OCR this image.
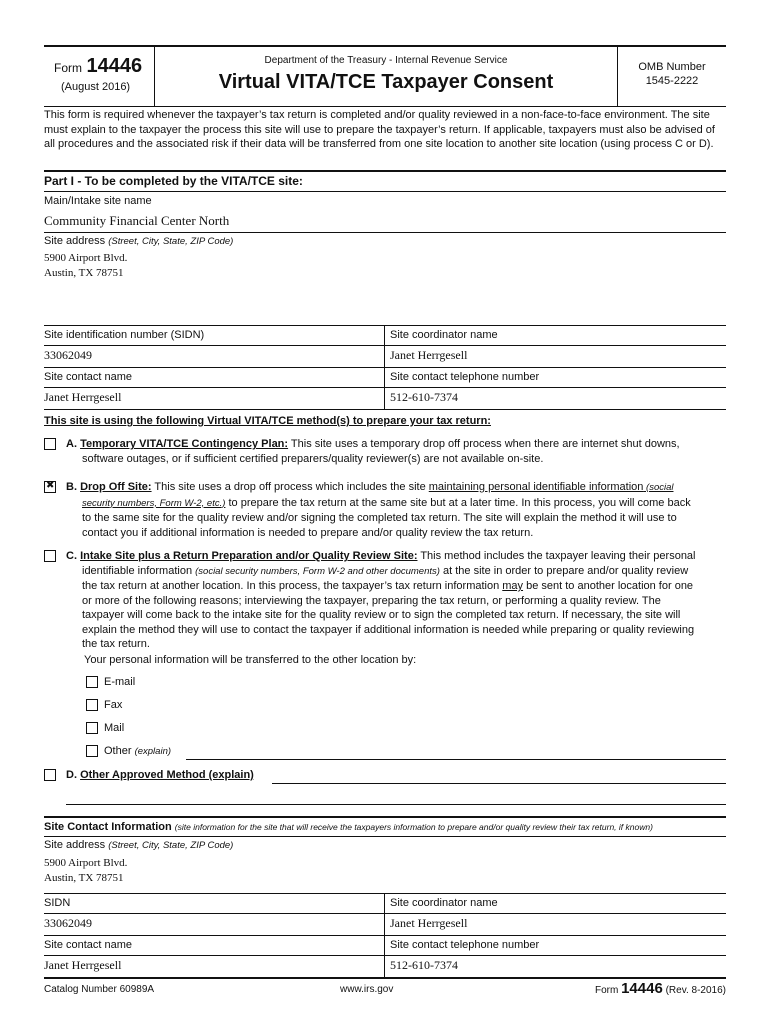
Form 14446
(August 2016)
Department of the Treasury - Internal Revenue Service
Virtual VITA/TCE Taxpayer Consent
OMB Number
1545-2222
This form is required whenever the taxpayer’s tax return is completed and/or quality reviewed in a non-face-to-face environment. The site must explain to the taxpayer the process this site will use to prepare the taxpayer’s return. If applicable, taxpayers must also be advised of all procedures and the associated risk if their data will be transferred from one site location to another site location (using process C or D).
Part I - To be completed by the VITA/TCE site:
Main/Intake site name
Community Financial Center North
Site address (Street, City, State, ZIP Code)
5900 Airport Blvd.
Austin, TX 78751
Site identification number (SIDN)	Site coordinator name
33062049	Janet Herrgesell
Site contact name	Site contact telephone number
Janet Herrgesell	512-610-7374
This site is using the following Virtual VITA/TCE method(s) to prepare your tax return:
A. Temporary VITA/TCE Contingency Plan: This site uses a temporary drop off process when there are internet shut downs,
software outages, or if sufficient certified preparers/quality reviewer(s) are not available on-site.
✖
B. Drop Off Site: This site uses a drop off process which includes the site maintaining personal identifiable information (social
security numbers, Form W-2, etc.) to prepare the tax return at the same site but at a later time. In this process, you will come back
to the same site for the quality review and/or signing the completed tax return. The site will explain the method it will use to
contact you if additional information is needed to prepare and/or quality review the tax return.
C. Intake Site plus a Return Preparation and/or Quality Review Site: This method includes the taxpayer leaving their personal
identifiable information (social security numbers, Form W-2 and other documents) at the site in order to prepare and/or quality review
the tax return at another location. In this process, the taxpayer’s tax return information may be sent to another location for one
or more of the following reasons; interviewing the taxpayer, preparing the tax return, or performing a quality review. The
taxpayer will come back to the intake site for the quality review or to sign the completed tax return. If necessary, the site will
explain the method they will use to contact the taxpayer if additional information is needed while preparing or quality reviewing
the tax return.
Your personal information will be transferred to the other location by:
E-mail
Fax
Mail
Other (explain)
D. Other Approved Method (explain)
Site Contact Information (site information for the site that will receive the taxpayers information to prepare and/or quality review their tax return, if known)
Site address (Street, City, State, ZIP Code)
5900 Airport Blvd.
Austin, TX 78751
SIDN	Site coordinator name
33062049	Janet Herrgesell
Site contact name	Site contact telephone number
Janet Herrgesell	512-610-7374
Catalog Number 60989A	www.irs.gov	Form 14446 (Rev. 8-2016)
